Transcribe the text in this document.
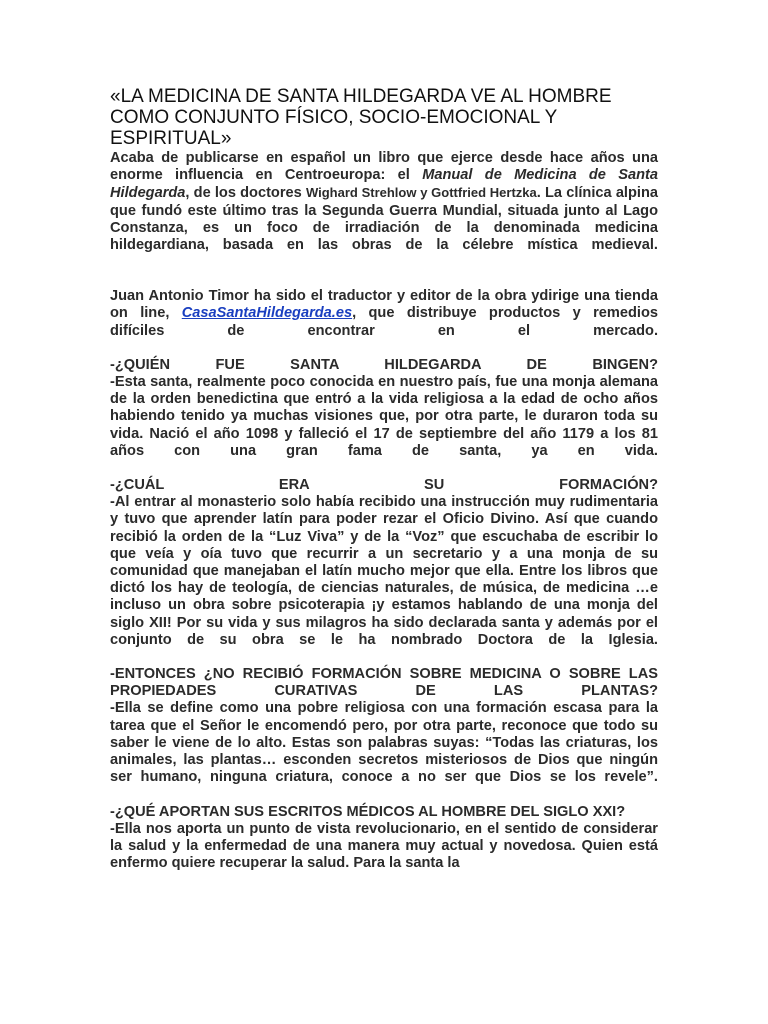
«LA MEDICINA DE SANTA HILDEGARDA VE AL HOMBRE COMO CONJUNTO FÍSICO, SOCIO-EMOCIONAL Y ESPIRITUAL»

Acaba de publicarse en español un libro que ejerce desde hace años una enorme influencia en Centroeuropa: el Manual de Medicina de Santa Hildegarda, de los doctores Wighard Strehlow y Gottfried Hertzka. La clínica alpina que fundó este último tras la Segunda Guerra Mundial, situada junto al Lago Constanza, es un foco de irradiación de la denominada medicina hildegardiana, basada en las obras de la célebre mística medieval.

Juan Antonio Timor ha sido el traductor y editor de la obra ydirige una tienda on line, CasaSantaHildegarda.es, que distribuye productos y remedios difíciles de encontrar en el mercado.

-¿QUIÉN FUE SANTA HILDEGARDA DE BINGEN?

-Esta santa, realmente poco conocida en nuestro país, fue una monja alemana de la orden benedictina que entró a la vida religiosa a la edad de ocho años habiendo tenido ya muchas visiones que, por otra parte, le duraron toda su vida. Nació el año 1098 y falleció el 17 de septiembre del año 1179 a los 81 años con una gran fama de santa, ya en vida.

-¿CUÁL ERA SU FORMACIÓN?

-Al entrar al monasterio solo había recibido una instrucción muy rudimentaria y tuvo que aprender latín para poder rezar el Oficio Divino. Así que cuando recibió la orden de la “Luz Viva” y de la “Voz” que escuchaba de escribir lo que veía y oía tuvo que recurrir a un secretario y a una monja de su comunidad que manejaban el latín mucho mejor que ella. Entre los libros que dictó los hay de teología, de ciencias naturales, de música, de medicina …e incluso un obra sobre psicoterapia ¡y estamos hablando de una monja del siglo XII! Por su vida y sus milagros ha sido declarada santa y además por el conjunto de su obra se le ha nombrado Doctora de la Iglesia.

-ENTONCES ¿NO RECIBIÓ FORMACIÓN SOBRE MEDICINA O SOBRE LAS PROPIEDADES CURATIVAS DE LAS PLANTAS?

-Ella se define como una pobre religiosa con una formación escasa para la tarea que el Señor le encomendó pero, por otra parte, reconoce que todo su saber le viene de lo alto. Estas son palabras suyas: “Todas las criaturas, los animales, las plantas… esconden secretos misteriosos de Dios que ningún ser humano, ninguna criatura, conoce a no ser que Dios se los revele”.

-¿QUÉ APORTAN SUS ESCRITOS MÉDICOS AL HOMBRE DEL SIGLO XXI?

-Ella nos aporta un punto de vista revolucionario, en el sentido de considerar la salud y la enfermedad de una manera muy actual y novedosa. Quien está enfermo quiere recuperar la salud. Para la santa la
